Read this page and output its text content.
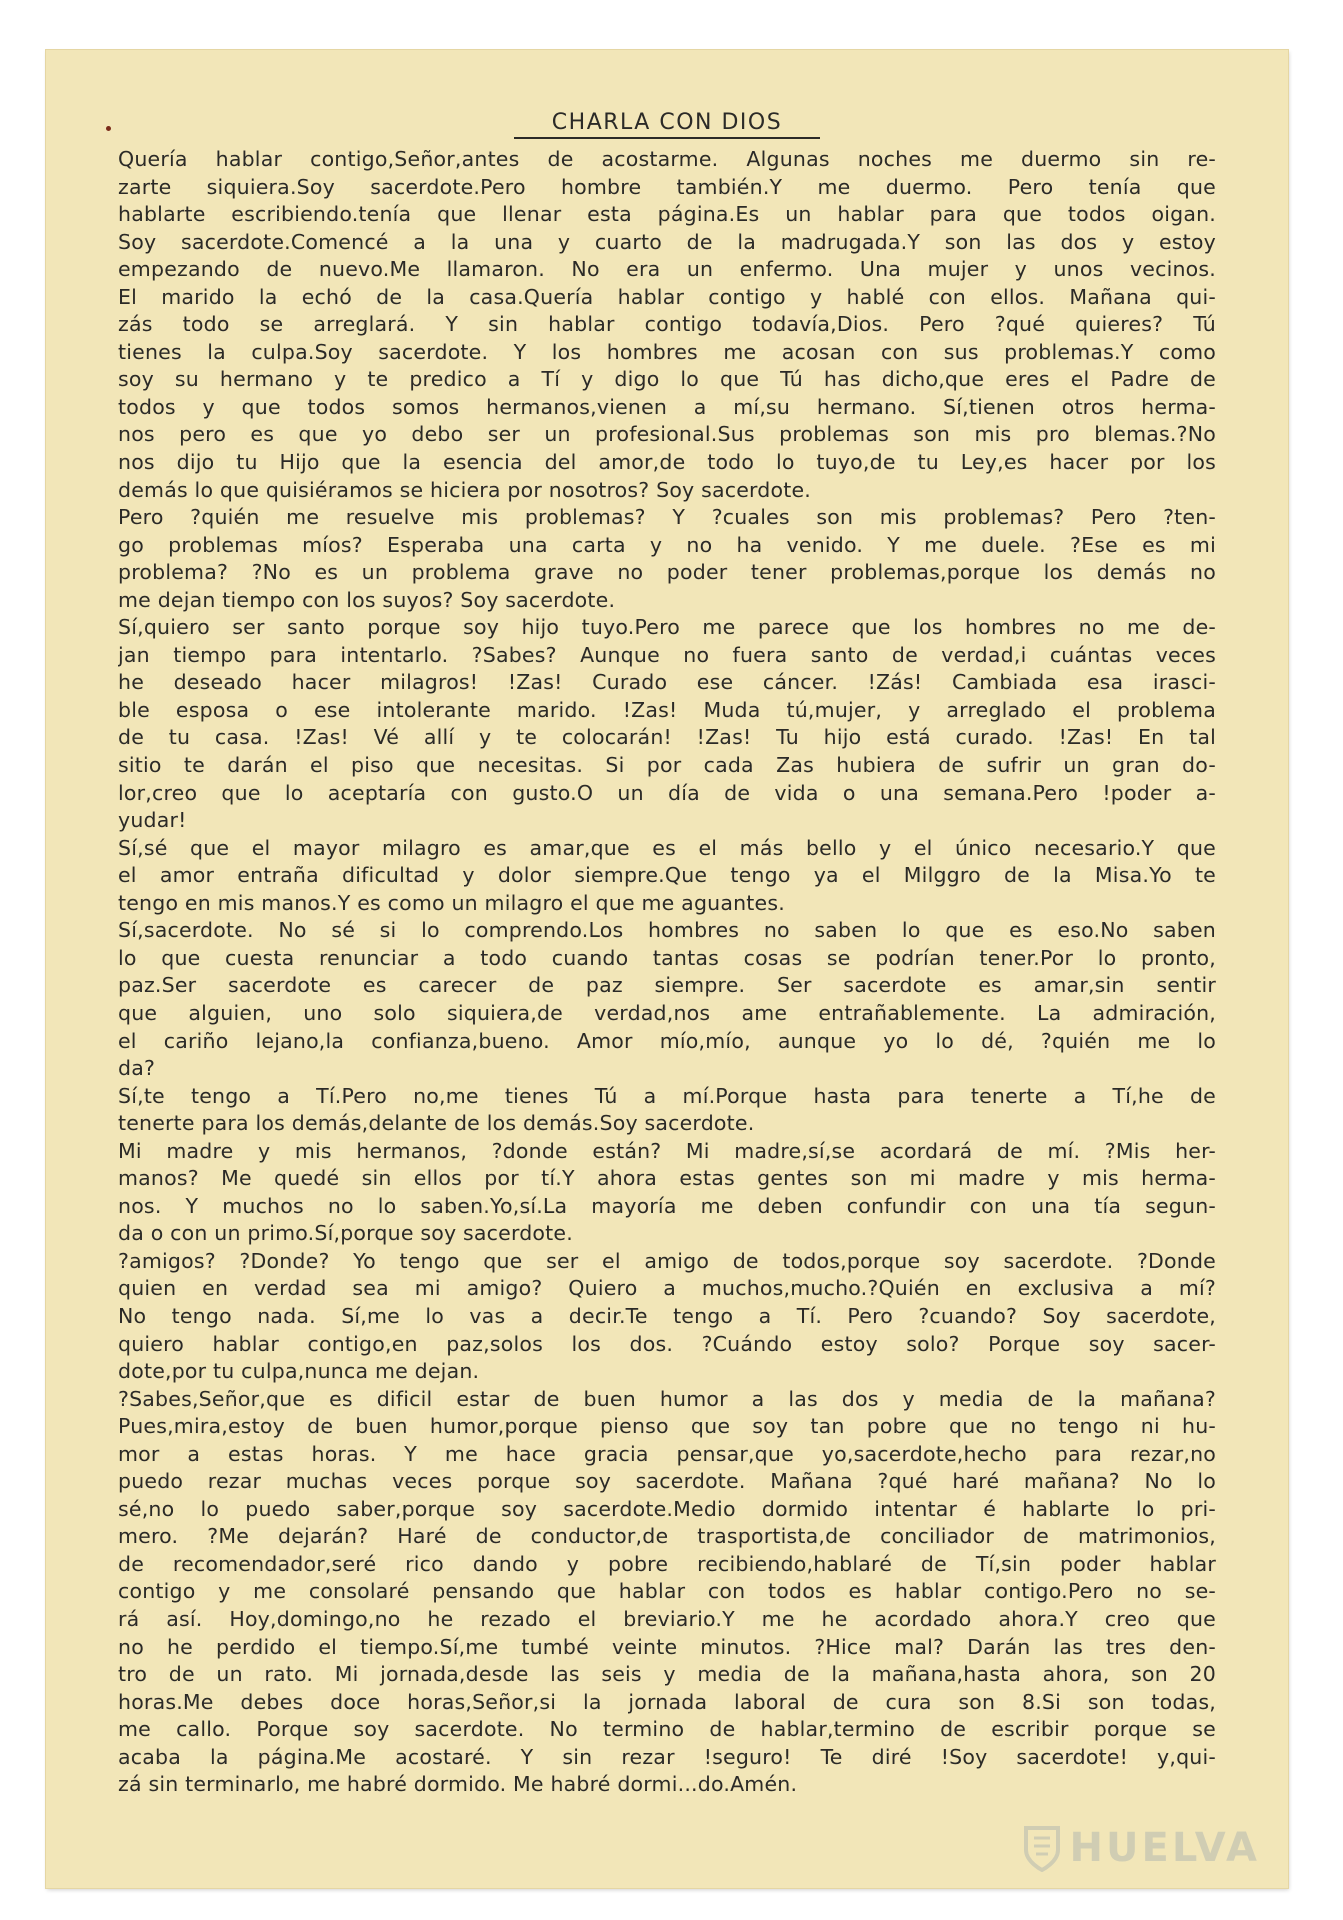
CHARLA CON DIOS
Quería hablar contigo,Señor,antes de acostarme. Algunas noches me duermo sin re-
zarte siquiera.Soy sacerdote.Pero hombre también.Y me duermo. Pero tenía que
hablarte escribiendo.tenía que llenar esta página.Es un hablar para que todos oigan.
Soy sacerdote.Comencé a la una y cuarto de la madrugada.Y son las dos y estoy
empezando de nuevo.Me llamaron. No era un enfermo. Una mujer y unos vecinos.
El marido la echó de la casa.Quería hablar contigo y hablé con ellos. Mañana qui-
zás todo se arreglará. Y sin hablar contigo todavía,Dios. Pero ?qué quieres? Tú
tienes la culpa.Soy sacerdote. Y los hombres me acosan con sus problemas.Y como
soy su hermano y te predico a Tí y digo lo que Tú has dicho,que eres el Padre de
todos y que todos somos hermanos,vienen a mí,su hermano. Sí,tienen otros herma-
nos pero es que yo debo ser un profesional.Sus problemas son mis pro blemas.?No
nos dijo tu Hijo que la esencia del amor,de todo lo tuyo,de tu Ley,es hacer por los
demás lo que quisiéramos se hiciera por nosotros? Soy sacerdote.
Pero ?quién me resuelve mis problemas? Y ?cuales son mis problemas? Pero ?ten-
go problemas míos? Esperaba una carta y no ha venido. Y me duele. ?Ese es mi
problema? ?No es un problema grave no poder tener problemas,porque los demás no
me dejan tiempo con los suyos? Soy sacerdote.
Sí,quiero ser santo porque soy hijo tuyo.Pero me parece que los hombres no me de-
jan tiempo para intentarlo. ?Sabes? Aunque no fuera santo de verdad,i cuántas veces
he deseado hacer milagros! !Zas! Curado ese cáncer. !Zás! Cambiada esa irasci-
ble esposa o ese intolerante marido. !Zas! Muda tú,mujer, y arreglado el problema
de tu casa. !Zas! Vé allí y te colocarán! !Zas! Tu hijo está curado. !Zas! En tal
sitio te darán el piso que necesitas. Si por cada Zas hubiera de sufrir un gran do-
lor,creo que lo aceptaría con gusto.O un día de vida o una semana.Pero !poder a-
yudar!
Sí,sé que el mayor milagro es amar,que es el más bello y el único necesario.Y que
el amor entraña dificultad y dolor siempre.Que tengo ya el Milggro de la Misa.Yo te
tengo en mis manos.Y es como un milagro el que me aguantes.
Sí,sacerdote. No sé si lo comprendo.Los hombres no saben lo que es eso.No saben
lo que cuesta renunciar a todo cuando tantas cosas se podrían tener.Por lo pronto,
paz.Ser sacerdote es carecer de paz siempre. Ser sacerdote es amar,sin sentir
que alguien, uno solo siquiera,de verdad,nos ame entrañablemente. La admiración,
el cariño lejano,la confianza,bueno. Amor mío,mío, aunque yo lo dé, ?quién me lo
da?
Sí,te tengo a Tí.Pero no,me tienes Tú a mí.Porque hasta para tenerte a Tí,he de
tenerte para los demás,delante de los demás.Soy sacerdote.
Mi madre y mis hermanos, ?donde están? Mi madre,sí,se acordará de mí. ?Mis her-
manos? Me quedé sin ellos por tí.Y ahora estas gentes son mi madre y mis herma-
nos. Y muchos no lo saben.Yo,sí.La mayoría me deben confundir con una tía segun-
da o con un primo.Sí,porque soy sacerdote.
?amigos? ?Donde? Yo tengo que ser el amigo de todos,porque soy sacerdote. ?Donde
quien en verdad sea mi amigo? Quiero a muchos,mucho.?Quién en exclusiva a mí?
No tengo nada. Sí,me lo vas a decir.Te tengo a Tí. Pero ?cuando? Soy sacerdote,
quiero hablar contigo,en paz,solos los dos. ?Cuándo estoy solo? Porque soy sacer-
dote,por tu culpa,nunca me dejan.
?Sabes,Señor,que es dificil estar de buen humor a las dos y media de la mañana?
Pues,mira,estoy de buen humor,porque pienso que soy tan pobre que no tengo ni hu-
mor a estas horas. Y me hace gracia pensar,que yo,sacerdote,hecho para rezar,no
puedo rezar muchas veces porque soy sacerdote. Mañana ?qué haré mañana? No lo
sé,no lo puedo saber,porque soy sacerdote.Medio dormido intentar é hablarte lo pri-
mero. ?Me dejarán? Haré de conductor,de trasportista,de conciliador de matrimonios,
de recomendador,seré rico dando y pobre recibiendo,hablaré de Tí,sin poder hablar
contigo y me consolaré pensando que hablar con todos es hablar contigo.Pero no se-
rá así. Hoy,domingo,no he rezado el breviario.Y me he acordado ahora.Y creo que
no he perdido el tiempo.Sí,me tumbé veinte minutos. ?Hice mal? Darán las tres den-
tro de un rato. Mi jornada,desde las seis y media de la mañana,hasta ahora, son 20
horas.Me debes doce horas,Señor,si la jornada laboral de cura son 8.Si son todas,
me callo. Porque soy sacerdote. No termino de hablar,termino de escribir porque se
acaba la página.Me acostaré. Y sin rezar !seguro! Te diré !Soy sacerdote! y,qui-
zá sin terminarlo, me habré dormido. Me habré dormi...do.Amén.
HUELVA
